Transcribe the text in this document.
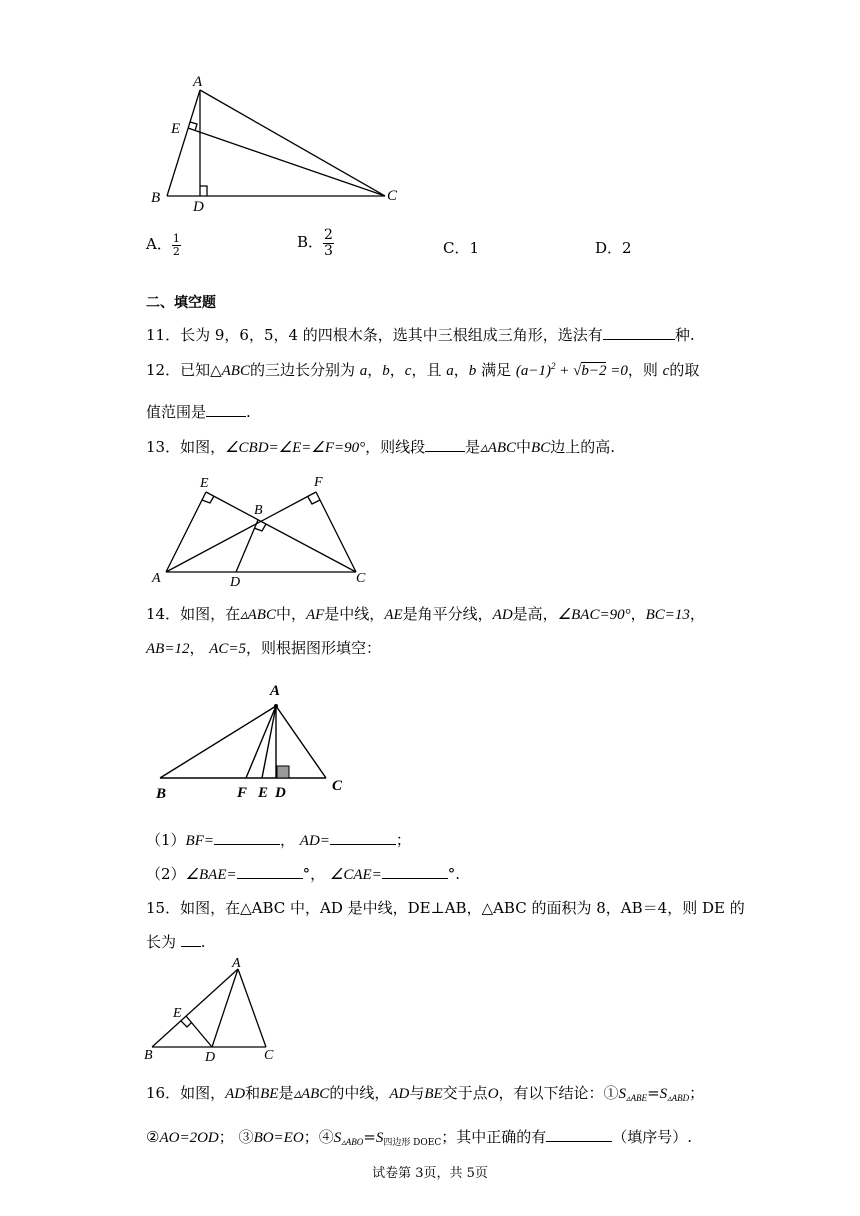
A
E
B
D
C
A． $\frac{1}{2}$	B． $\frac{2}{3}$	C．1	D．2
二、填空题
11．长为 9，6，5，4 的四根木条，选其中三根组成三角形，选法有	种.
12．已知△ABC的三边长分别为 a，b，c，且 a，b 满足 $(a-1)^2 + √b-2 =0$，则 c的取
值范围是	.
13．如图，∠CBD=∠E=∠F=90°，则线段	是▵ABC中BC边上的高.
E	F
B
A	D	C
14．如图，在▵ABC中，AF是中线，AE是角平分线，AD是高，∠BAC=90°，BC=13，
AB=12， AC=5，则根据图形填空：
A
B	F E D	C
（1）BF=	， AD=	；
（2）∠BAE=	°， ∠CAE=	°.
15．如图，在△ABC 中，AD 是中线，DE⊥AB，△ABC 的面积为 8，AB＝4，则 DE 的
长为 .
A
E
B	D	C
16．如图，AD和BE是▵ABC的中线，AD与BE交于点O，有以下结论：$①S_{▵ABE}=S_{▵ABD}$；
②AO=2OD； ③BO=EO；$④S_{▵ABO}=S_{四边形 DOEC}$；其中正确的有	（填序号）.
试卷第 3页，共 5页
